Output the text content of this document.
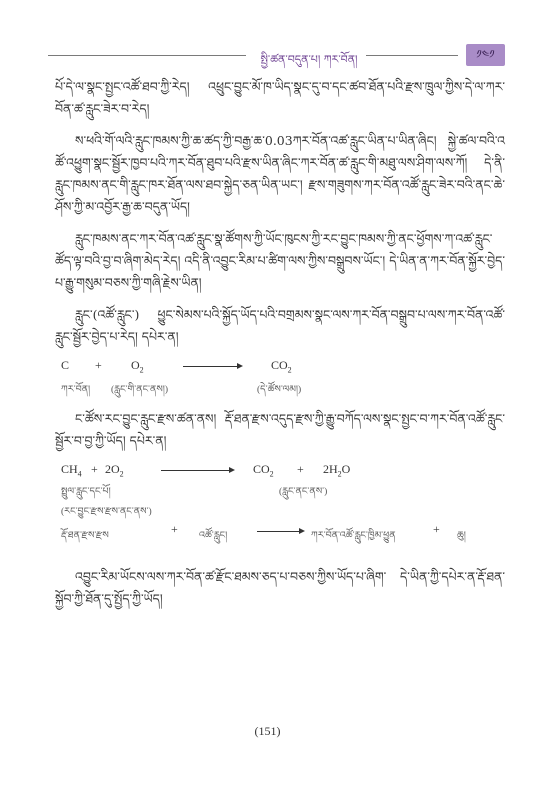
སྤྱི་ཚན་བདུན་པ། ཀར་བོན།	༡༤༡

པོ་དེ་ལ་སྣང་སྤྱང་འཚོ་ཐབ་ཀྱི་རེད། འཕྲུང་བྱུང་མོ་ཁ་ཡིད་སྣང་དུ་བ་དང་ཚབ་ཐོན་པའི་རྫས་ཁྲུལ་ཀྱིས་དེ་ལ་ཀར་བོན་ཚ་རླུང་ཟེར་བ་རེད།

ས་ཕའི་གོ་ལའི་རླུང་ཁམས་ཀྱི་ཆ་ཚད་ཀྱི་བརྒྱ་ཆ་0.03ཀར་བོན་འཚ་རླུང་ཡིན་པ་ཡིན་ཞིང། སྐྱེ་ཚལ་བའི་འཚོ་འཕྱུག་སྣང་སྦྱོར་ཁྱབ་པའི་ཀར་བོན་ཐུབ་པའི་རྫས་ཡིན་ཞིང་ཀར་བོན་ཚ་རླུང་གི་མཐུ་ལས་ཤིག་ལས་ཀོ། དེ་ནི་རླུང་ཁམས་ནང་གི་རླུང་ཁར་ཐོན་ལས་ཐབ་སྐྱེད་ཅན་ཡིན་ཡང་། རྫས་གཟུགས་ཀར་བོན་འཚོ་རླུང་ཟེར་བའི་ནང་ཆེ་ཤོས་ཀྱི་མ་འབྱོར་རྒྱ་ཆ་བདུན་ཡོད།

རླུང་ཁམས་ནང་ཀར་བོན་འཚ་རླུང་སྣ་ཚོགས་ཀྱི་ཡོང་ཁུངས་ཀྱི་རང་བྱུང་ཁམས་ཀྱི་ནང་ཕྱོགས་ཀ་འཚ་རླུང་ཚོད་ལྟ་བའི་བྱ་བ་ཞིག་མེད་རེད། འདི་ནི་འབྱུང་རིམ་པ་ཚིག་ལས་ཀྱིས་བསྒྲུབས་ཡོང་། དེ་ཡིན་ན་ཀར་བོན་སྐྱོར་བྱེད་པ་རྒྱུ་གསུམ་བཅས་ཀྱི་གཞི་རྗེས་ཡིན།

རླུང་(འཚོ་རླུང་) ཕྱུང་སེམས་པའི་སྐྱོད་ཡོད་པའི་བགྲམས་སྣང་ལས་ཀར་བོན་བསྒྲུབ་པ་ལས་ཀར་བོན་འཚོ་རླུང་སྦྱོར་བྱེད་པ་རེད། དཔེར་ན།

$C + O_2$	$CO_2$
ཀར་བོན། (རླུང་གི་ནང་ནས།)	(དེ་ཚོས་ལམ།)

ང་ཚོས་རང་བྱུང་རླུང་རྫས་ཚན་ནས། རྡོ་ཐན་རྫས་འདུད་རྫས་ཀྱི་རྒྱུ་བཀོད་ལས་སྣང་སྤྱང་བ་ཀར་བོན་འཚོ་རླུང་སྦྱོར་བ་བྱ་ཀྱི་ཡོད། དཔེར་ན།

$CH_4 + 2O_2$	$CO_2 + 2H_2O$
སྤྲུལ་རླུང་དང་པོ།	(རླུང་ནང་ནས་)
(རང་བྱུང་རྫས་རྫས་ནང་ནས་)
རྡོ་ཐན་རྫས་རྫས	+ འཚོ་རླུང།	ཀར་བོན་འཚོ་རླུང་ཁྱིམ་ཕྱུན	+ ཆུ།

འབྱུང་རིམ་ཡོངས་ལས་ཀར་བོན་ཚ་རྫོང་ཐམས་ཅད་པ་བཅས་ཀྱིས་ཡོད་པ་ཞིག་ དེ་ཡིན་ཀྱི་དཔེར་ན་རྡོ་ཐན་སྐྱོབ་ཀྱི་ཐོན་དུ་སྤྱོད་ཀྱི་ཡོད།

(151)
